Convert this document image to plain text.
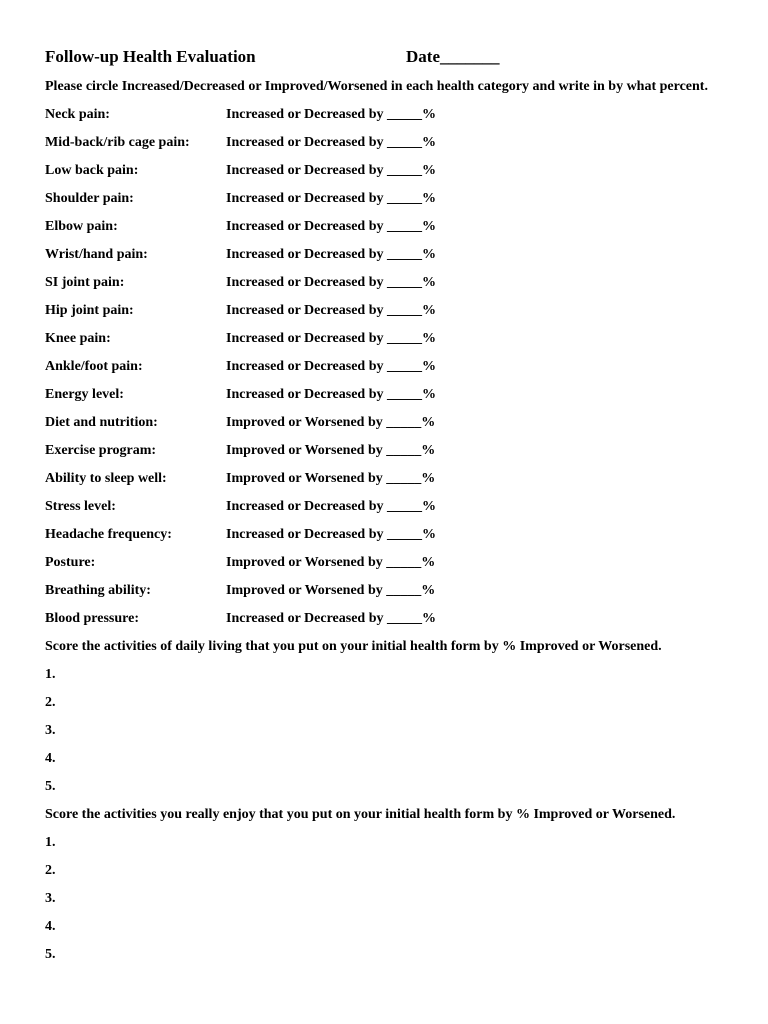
Follow-up Health Evaluation	Date_______
Please circle Increased/Decreased or Improved/Worsened in each health category and write in by what percent.
Neck pain:	Increased or Decreased by _____%
Mid-back/rib cage pain:	Increased or Decreased by _____%
Low back pain:	Increased or Decreased by _____%
Shoulder pain:	Increased or Decreased by _____%
Elbow pain:	Increased or Decreased by _____%
Wrist/hand pain:	Increased or Decreased by _____%
SI joint pain:	Increased or Decreased by _____%
Hip joint pain:	Increased or Decreased by _____%
Knee pain:	Increased or Decreased by _____%
Ankle/foot pain:	Increased or Decreased by _____%
Energy level:	Increased or Decreased by _____%
Diet and nutrition:	Improved or Worsened by _____%
Exercise program:	Improved or Worsened by _____%
Ability to sleep well:	Improved or Worsened by _____%
Stress level:	Increased or Decreased by _____%
Headache frequency:	Increased or Decreased by _____%
Posture:	Improved or Worsened by _____%
Breathing ability:	Improved or Worsened by _____%
Blood pressure:	Increased or Decreased by _____%
Score the activities of daily living that you put on your initial health form by % Improved or Worsened.
1.
2.
3.
4.
5.
Score the activities you really enjoy that you put on your initial health form by % Improved or Worsened.
1.
2.
3.
4.
5.
